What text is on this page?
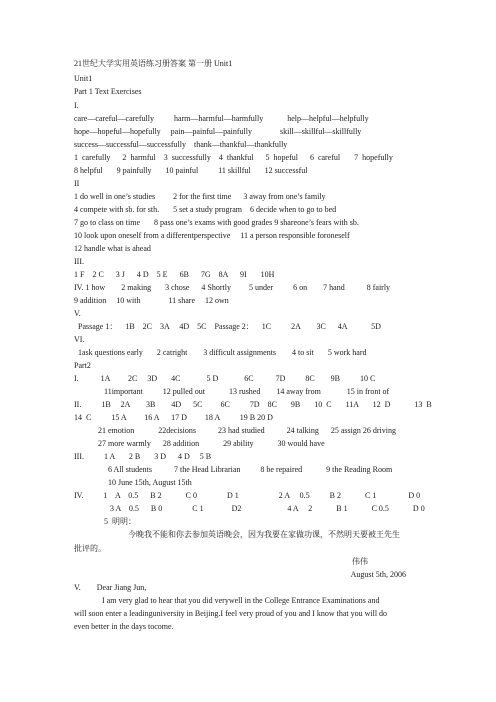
21世纪大学实用英语练习册答案 第一册 Unit1
Unit1
Part 1 Text Exercises
I.
care—careful—carefully          harm—harmful—harmfully            help—helpful—helpfully
hope—hopeful—hopefully     pain—painful—painfully              skill—skillful—skillfully
success—successful—successfully    thank—thankful—thankfully
1  carefully      2  harmful    3  successfully    4  thankful      5  hopeful      6  careful       7  hopefully
8 helpful       9 painfully       10 painful          11 skillful       12 successful
II
1 do well in one’s studies         2 for the first time      3 away from one’s family
4 compete with sb. for sth.       5 set a study program    6 decide when to go to bed
7 go to class on time       8 pass one’s exams with good grades 9 shareone’s fears with sb.
10 look upon oneself from a differentperspective     11 a person responsible foroneself
12 handle what is ahead
III.
1 F    2 C      3 J      4 D    5 E      6B      7G    8A      9I       10H
IV. 1 how        2 making       3 chose      4 Shortly         5 under          6 on        7 hand           8 fairly
9 addition     10 with              11 share     12 own
V.
Passage 1：    1B    2C    3A     4D    5C    Passage 2：    1C          2A        3C      4A            5D
VI.
1ask questions early       2 catright        3 difficult assignments        4 to sit       5 work hard
Part2
I.           1A         2C     3D       4C             5 D             6C           7D          8C        9B          10 C
11important          12 pulled out            13 rushed        14 away from             15 in front of
II.          1B     2A        3B        4D      5C         6C          7D    8C       9B       10  C       11A       12  D            13  B
14  C          15 A         16 A      17 D         18 A          19 B 20 D
21 emotion            22decisions           23 had studied           24 talking      25 assign 26 driving
27 more warmly      28 addition            29 ability            30 would have
III.          1 A       2 B       3 D      4 D     5 B
6 All students           7 the Head Librarian          8 be repaired            9 the Reading Room
10 June 15th, August 15th
IV.          1    A    0.5      B 2            C 0               D 1                    2 A     0.5          B 2            C 1                D 0
3 A    0.5      B 0               C 1              D2                       4 A     2            B 1            C 0.5            D 0
5  明明：
今晚我不能和你去参加英语晚会，因为我要在家做功课，不然明天要被王先生
批评的。
伟伟
August 5th, 2006
V.        Dear Jiang Jun,
I am very glad to hear that you did verywell in the College Entrance Examinations and
will soon enter a leadinguniversity in Beijing.I feel very proud of you and I know that you will do
even better in the days tocome.
